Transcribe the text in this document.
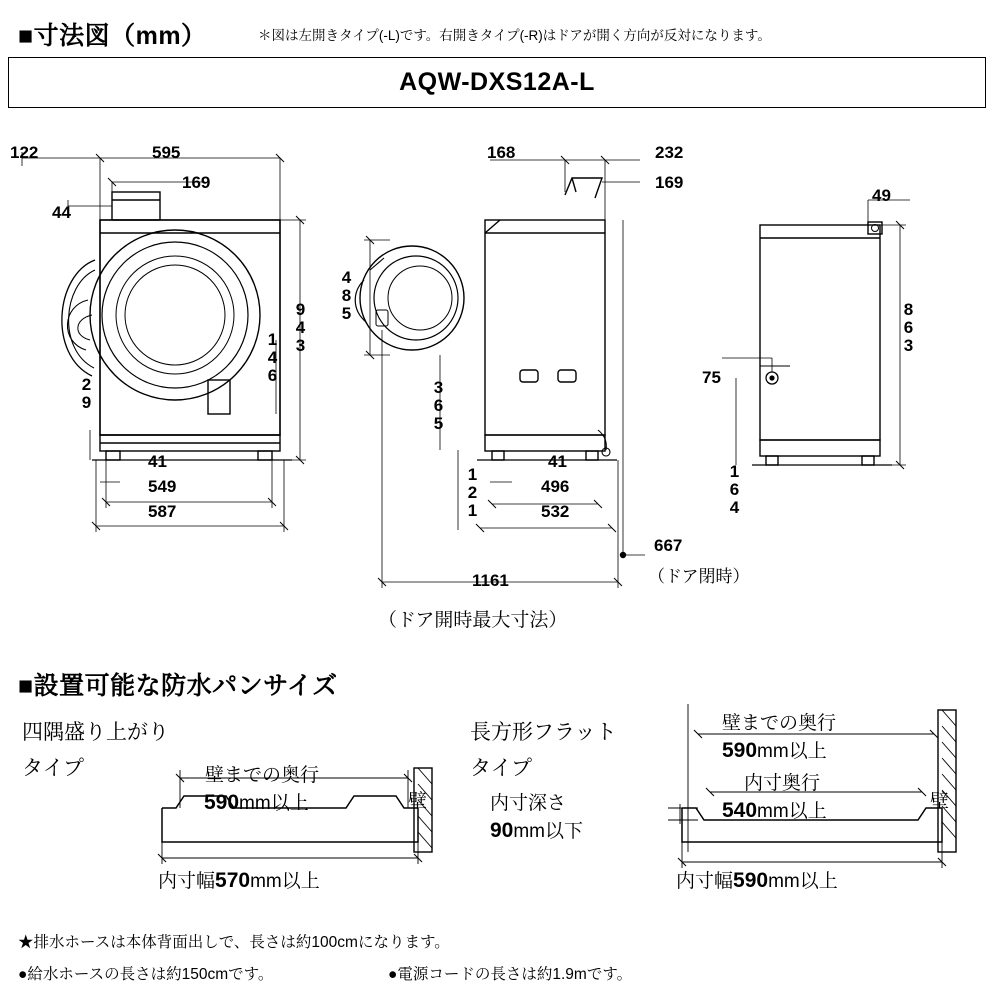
■寸法図（mm）	＊図は左開きタイプ(-L)です。右開きタイプ(-R)はドアが開く方向が反対になります。
AQW-DXS12A-L
122	595
169
44
943
146
29
41
549
587
168	232
169
485
365
121
41
496
532
667
（ドア閉時）
1161
（ドア開時最大寸法）
49
863
75
164
■設置可能な防水パンサイズ
四隅盛り上がり
タイプ	壁までの奥行
590mm以上	壁
内寸幅570mm以上
長方形フラット
タイプ
壁までの奥行
590mm以上
内寸奥行
540mm以上	壁
内寸深さ
90mm以下
内寸幅590mm以上
★排水ホースは本体背面出しで、長さは約100cmになります。
●給水ホースの長さは約150cmです。	●電源コードの長さは約1.9mです。
